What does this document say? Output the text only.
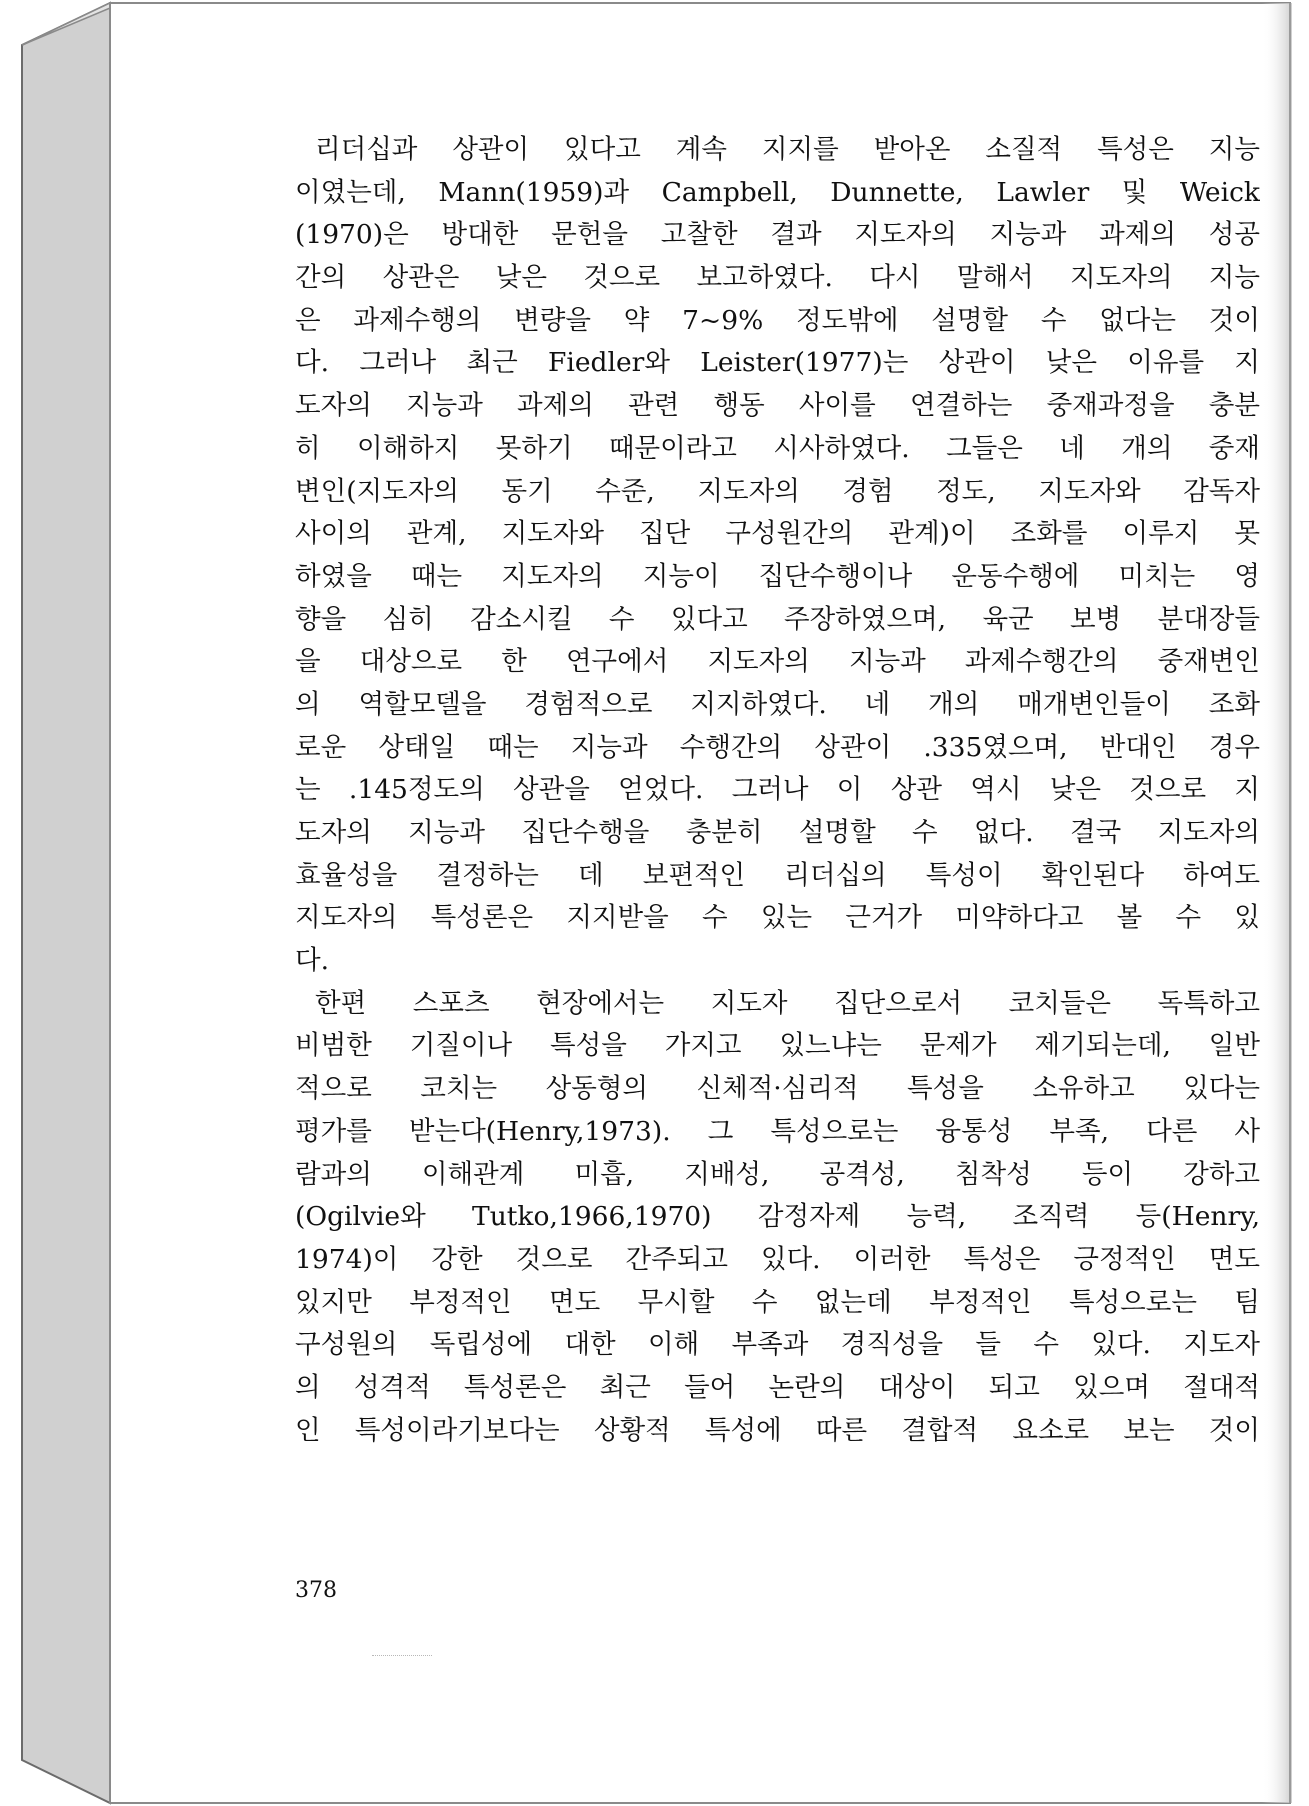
리더십과 상관이 있다고 계속 지지를 받아온 소질적 특성은 지능
이였는데, Mann(1959)과 Campbell, Dunnette, Lawler 및 Weick
(1970)은 방대한 문헌을 고찰한 결과 지도자의 지능과 과제의 성공
간의 상관은 낮은 것으로 보고하였다. 다시 말해서 지도자의 지능
은 과제수행의 변량을 약 7~9% 정도밖에 설명할 수 없다는 것이
다. 그러나 최근 Fiedler와 Leister(1977)는 상관이 낮은 이유를 지
도자의 지능과 과제의 관련 행동 사이를 연결하는 중재과정을 충분
히 이해하지 못하기 때문이라고 시사하였다. 그들은 네 개의 중재
변인(지도자의 동기 수준, 지도자의 경험 정도, 지도자와 감독자
사이의 관계, 지도자와 집단 구성원간의 관계)이 조화를 이루지 못
하였을 때는 지도자의 지능이 집단수행이나 운동수행에 미치는 영
향을 심히 감소시킬 수 있다고 주장하였으며, 육군 보병 분대장들
을 대상으로 한 연구에서 지도자의 지능과 과제수행간의 중재변인
의 역할모델을 경험적으로 지지하였다. 네 개의 매개변인들이 조화
로운 상태일 때는 지능과 수행간의 상관이 .335였으며, 반대인 경우
는 .145정도의 상관을 얻었다. 그러나 이 상관 역시 낮은 것으로 지
도자의 지능과 집단수행을 충분히 설명할 수 없다. 결국 지도자의
효율성을 결정하는 데 보편적인 리더십의 특성이 확인된다 하여도
지도자의 특성론은 지지받을 수 있는 근거가 미약하다고 볼 수 있
다.
한편 스포츠 현장에서는 지도자 집단으로서 코치들은 독특하고
비범한 기질이나 특성을 가지고 있느냐는 문제가 제기되는데, 일반
적으로 코치는 상동형의 신체적·심리적 특성을 소유하고 있다는
평가를 받는다(Henry,1973). 그 특성으로는 융통성 부족, 다른 사
람과의 이해관계 미흡, 지배성, 공격성, 침착성 등이 강하고
(Ogilvie와 Tutko,1966,1970) 감정자제 능력, 조직력 등(Henry,
1974)이 강한 것으로 간주되고 있다. 이러한 특성은 긍정적인 면도
있지만 부정적인 면도 무시할 수 없는데 부정적인 특성으로는 팀
구성원의 독립성에 대한 이해 부족과 경직성을 들 수 있다. 지도자
의 성격적 특성론은 최근 들어 논란의 대상이 되고 있으며 절대적
인 특성이라기보다는 상황적 특성에 따른 결합적 요소로 보는 것이
378
